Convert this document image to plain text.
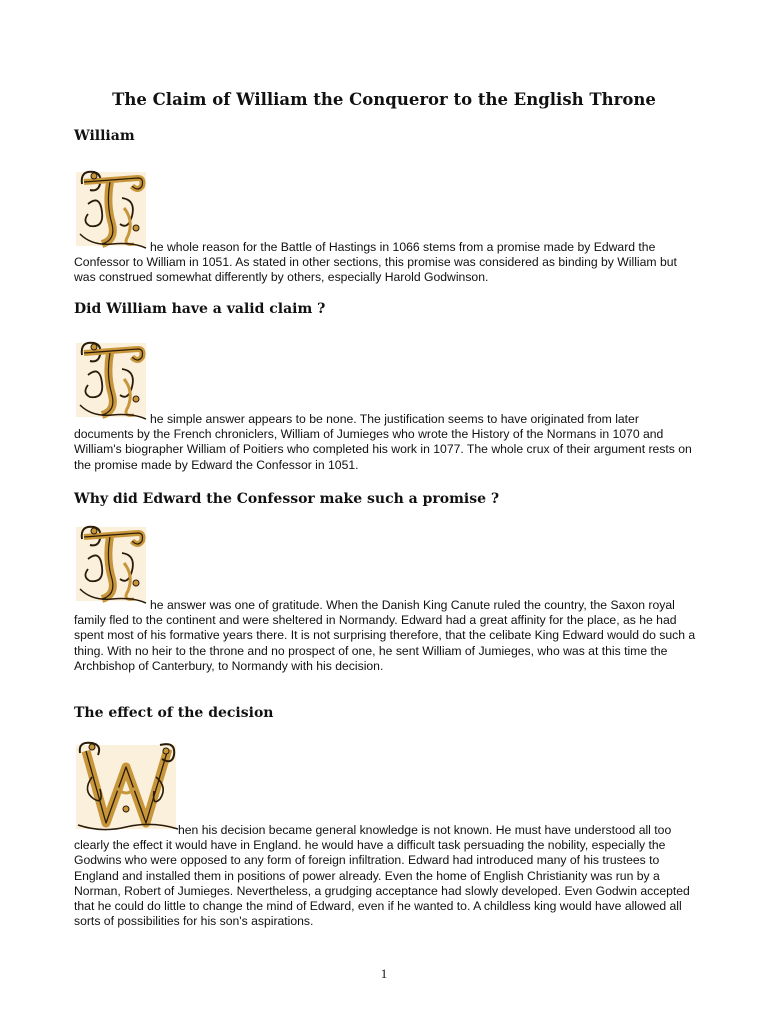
The Claim of William the Conqueror to the English Throne
William

he whole reason for the Battle of Hastings in 1066 stems from a promise made by Edward the Confessor to William in 1051. As stated in other sections, this promise was considered as binding by William but was construed somewhat differently by others, especially Harold Godwinson.

Did William have a valid claim ?

he simple answer appears to be none. The justification seems to have originated from later documents by the French chroniclers, William of Jumieges who wrote the History of the Normans in 1070 and William's biographer William of Poitiers who completed his work in 1077. The whole crux of their argument rests on the promise made by Edward the Confessor in 1051.

Why did Edward the Confessor make such a promise ?

he answer was one of gratitude. When the Danish King Canute ruled the country, the Saxon royal family fled to the continent and were sheltered in Normandy. Edward had a great affinity for the place, as he had spent most of his formative years there. It is not surprising therefore, that the celibate King Edward would do such a thing. With no heir to the throne and no prospect of one, he sent William of Jumieges, who was at this time the Archbishop of Canterbury, to Normandy with his decision.

The effect of the decision

hen his decision became general knowledge is not known. He must have understood all too clearly the effect it would have in England. he would have a difficult task persuading the nobility, especially the Godwins who were opposed to any form of foreign infiltration. Edward had introduced many of his trustees to England and installed them in positions of power already. Even the home of English Christianity was run by a Norman, Robert of Jumieges. Nevertheless, a grudging acceptance had slowly developed. Even Godwin accepted that he could do little to change the mind of Edward, even if he wanted to. A childless king would have allowed all sorts of possibilities for his son's aspirations.

1
